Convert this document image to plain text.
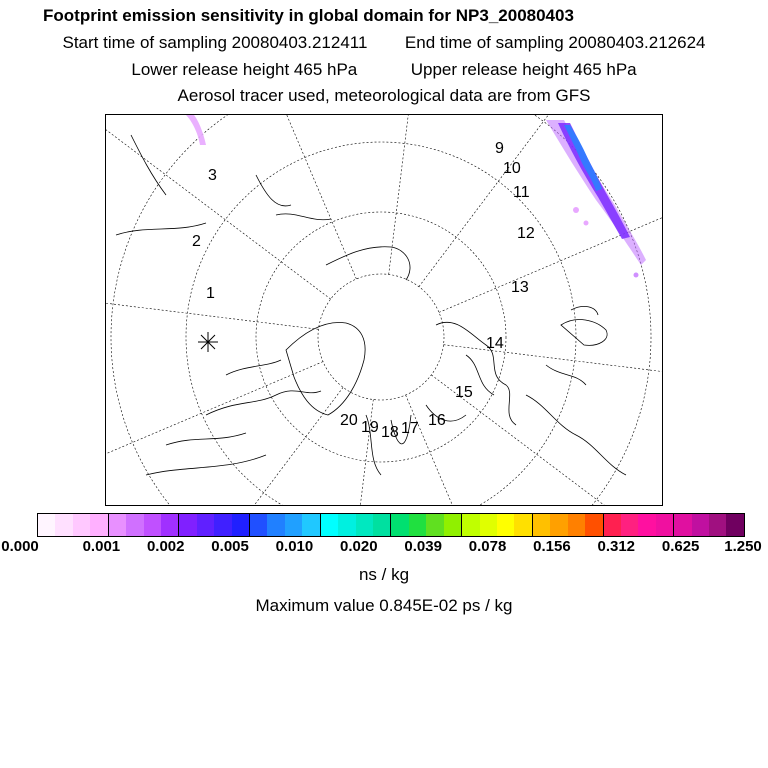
Footprint emission sensitivity in global domain for NP3_20080403
Start time of sampling 20080403.212411 End time of sampling 20080403.212624
Lower release height 465 hPa	Upper release height 465 hPa
Aerosol tracer used, meteorological data are from GFS
1
2
3
9
10
11
12
13
14
15
16
17
18
19
20
0.000	0.001 0.002 0.005 0.010 0.020 0.039 0.078 0.156 0.312 0.625 1.250
ns / kg
Maximum value 0.845E-02 ps / kg
